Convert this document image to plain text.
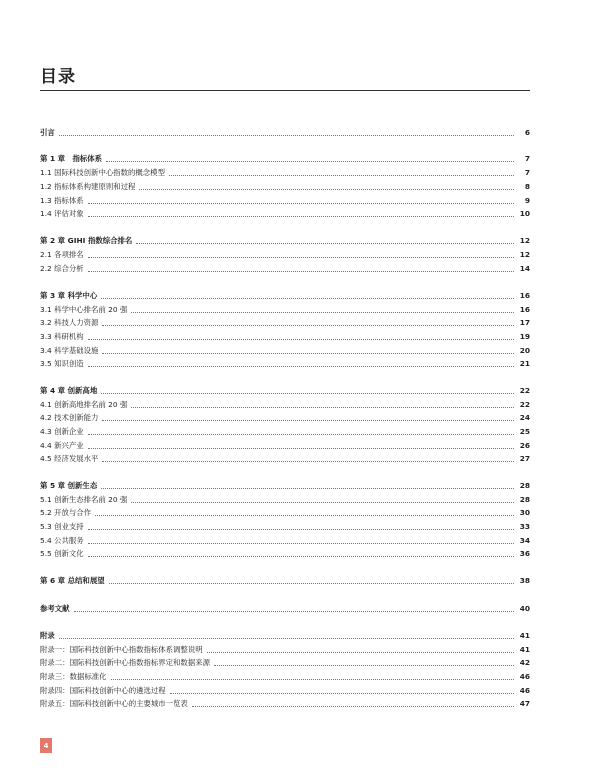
目录
引言	6
第 1 章　指标体系	7
1.1 国际科技创新中心指数的概念模型	7
1.2 指标体系构建原则和过程	8
1.3 指标体系	9
1.4 评估对象	10
第 2 章 GIHI 指数综合排名	12
2.1 各项排名	12
2.2 综合分析	14
第 3 章 科学中心	16
3.1 科学中心排名前 20 强	16
3.2 科技人力资源	17
3.3 科研机构	19
3.4 科学基础设施	20
3.5 知识创造	21
第 4 章 创新高地	22
4.1 创新高地排名前 20 强	22
4.2 技术创新能力	24
4.3 创新企业	25
4.4 新兴产业	26
4.5 经济发展水平	27
第 5 章 创新生态	28
5.1 创新生态排名前 20 强	28
5.2 开放与合作	30
5.3 创业支持	33
5.4 公共服务	34
5.5 创新文化	36
第 6 章 总结和展望	38
参考文献	40
附录	41
附录一：国际科技创新中心指数指标体系调整说明	41
附录二：国际科技创新中心指数指标界定和数据来源	42
附录三：数据标准化	46
附录四：国际科技创新中心的遴选过程	46
附录五：国际科技创新中心的主要城市一览表	47
4
